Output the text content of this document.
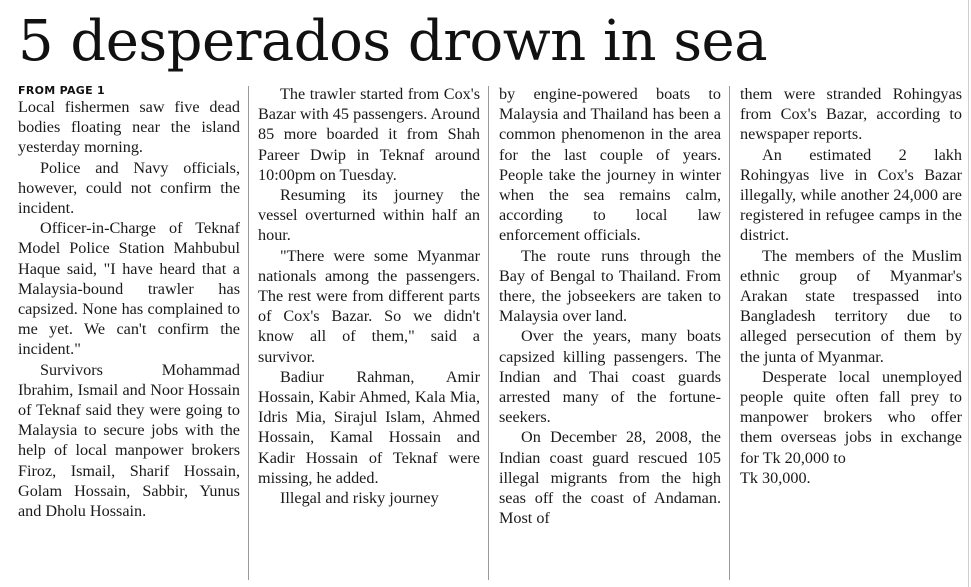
5 desperados drown in sea
FROM PAGE 1

Local fishermen saw five dead bodies floating near the island yesterday morning.

Police and Navy officials, however, could not confirm the incident.

Officer-in-Charge of Teknaf Model Police Station Mahbubul Haque said, "I have heard that a Malaysia-bound trawler has capsized. None has complained to me yet. We can't confirm the incident."

Survivors Mohammad Ibrahim, Ismail and Noor Hossain of Teknaf said they were going to Malaysia to secure jobs with the help of local manpower brokers Firoz, Ismail, Sharif Hossain, Golam Hossain, Sabbir, Yunus and Dholu Hossain.

The trawler started from Cox's Bazar with 45 passengers. Around 85 more boarded it from Shah Pareer Dwip in Teknaf around 10:00pm on Tuesday.

Resuming its journey the vessel overturned within half an hour.

"There were some Myanmar nationals among the passengers. The rest were from different parts of Cox's Bazar. So we didn't know all of them," said a survivor.

Badiur Rahman, Amir Hossain, Kabir Ahmed, Kala Mia, Idris Mia, Sirajul Islam, Ahmed Hossain, Kamal Hossain and Kadir Hossain of Teknaf were missing, he added.

Illegal and risky journey

by engine-powered boats to Malaysia and Thailand has been a common phenomenon in the area for the last couple of years. People take the journey in winter when the sea remains calm, according to local law enforcement officials.

The route runs through the Bay of Bengal to Thailand. From there, the jobseekers are taken to Malaysia over land.

Over the years, many boats capsized killing passengers. The Indian and Thai coast guards arrested many of the fortune-seekers.

On December 28, 2008, the Indian coast guard rescued 105 illegal migrants from the high seas off the coast of Andaman. Most of

them were stranded Rohingyas from Cox's Bazar, according to newspaper reports.

An estimated 2 lakh Rohingyas live in Cox's Bazar illegally, while another 24,000 are registered in refugee camps in the district.

The members of the Muslim ethnic group of Myanmar's Arakan state trespassed into Bangladesh territory due to alleged persecution of them by the junta of Myanmar.

Desperate local unemployed people quite often fall prey to manpower brokers who offer them overseas jobs in exchange for Tk 20,000 to

Tk 30,000.
